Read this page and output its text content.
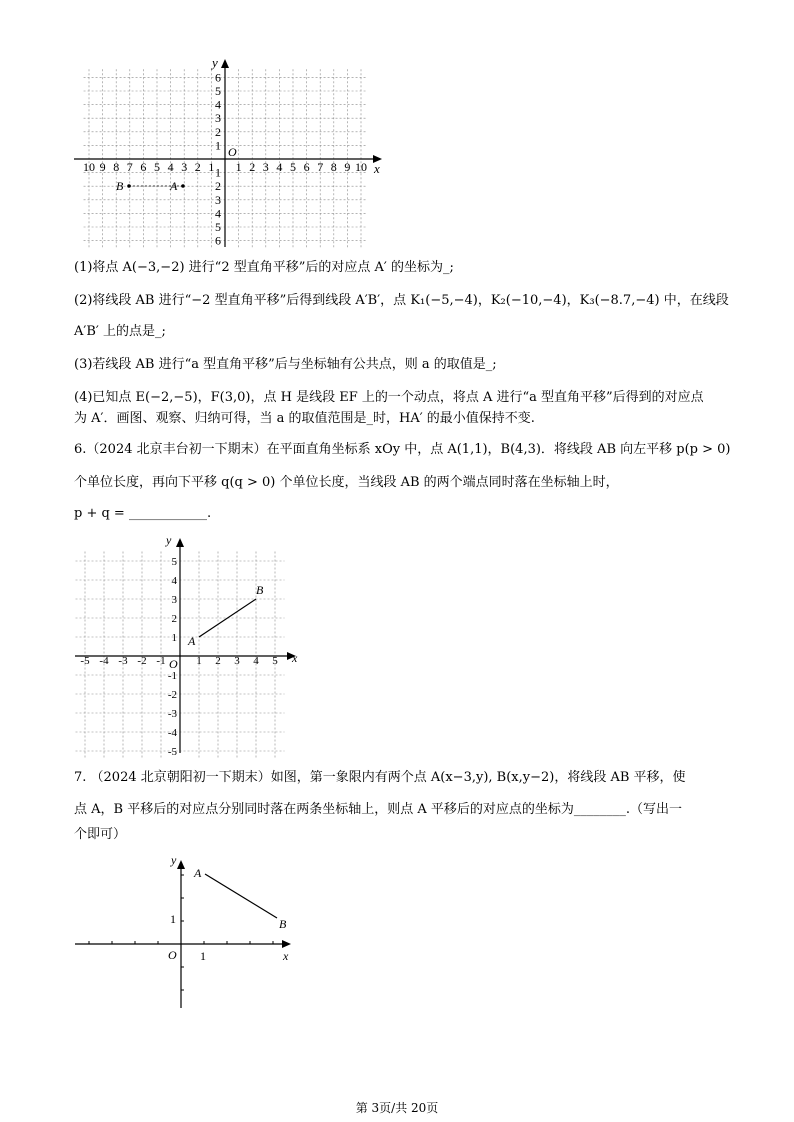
x
y
O
10 9 8 7 6 5 4 3 2 1 1 2 3 4 5 6 7 8 9 10
1
2
3
4
5
6
1
2
3
4
5
6
B	A
(1)将点 A(−3,−2) 进行“2 型直角平移”后的对应点 A′ 的坐标为_;
(2)将线段 AB 进行“−2 型直角平移”后得到线段 A′B′，点 K₁(−5,−4)，K₂(−10,−4)，K₃(−8.7,−4) 中，在线段
A′B′ 上的点是_;
(3)若线段 AB 进行“a 型直角平移”后与坐标轴有公共点，则 a 的取值是_;
(4)已知点 E(−2,−5)，F(3,0)，点 H 是线段 EF 上的一个动点，将点 A 进行“a 型直角平移”后得到的对应点
为 A′．画图、观察、归纳可得，当 a 的取值范围是_时，HA′ 的最小值保持不变.
6.（2024 北京丰台初一下期末）在平面直角坐标系 xOy 中，点 A(1,1)，B(4,3)．将线段 AB 向左平移 p(p > 0)
个单位长度，再向下平移 q(q > 0) 个单位长度，当线段 AB 的两个端点同时落在坐标轴上时，
p + q = ____________.
x
y
O
-5 -4 -3 -2 -1	1 2 3 4 5
1
2
3
4
5
-1
-2
-3
-4
-5
A
B
7. （2024 北京朝阳初一下期末）如图，第一象限内有两个点 A(x−3,y), B(x,y−2)，将线段 AB 平移，使
点 A，B 平移后的对应点分别同时落在两条坐标轴上，则点 A 平移后的对应点的坐标为________.（写出一
个即可）
x
y
O 1
1
A
B
第 3页/共 20页
